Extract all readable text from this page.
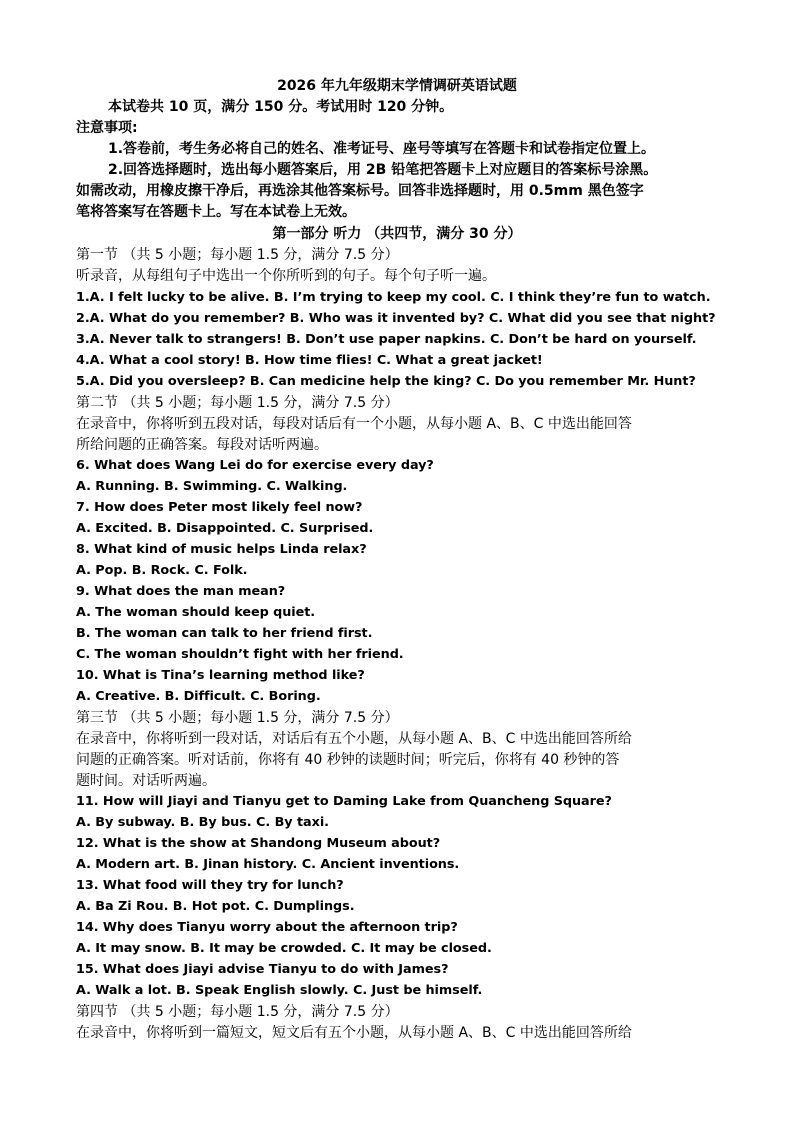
2026 年九年级期末学情调研英语试题
本试卷共 10 页，满分 150 分。考试用时 120 分钟。
注意事项:
1.答卷前，考生务必将自己的姓名、准考证号、座号等填写在答题卡和试卷指定位置上。
2.回答选择题时，选出每小题答案后，用 2B 铅笔把答题卡上对应题目的答案标号涂黑。
如需改动，用橡皮擦干净后，再选涂其他答案标号。回答非选择题时，用 0.5mm 黑色签字
笔将答案写在答题卡上。写在本试卷上无效。
第一部分 听力 （共四节，满分 30 分）
第一节 （共 5 小题；每小题 1.5 分，满分 7.5 分）
听录音，从每组句子中选出一个你所听到的句子。每个句子听一遍。
1.A. I felt lucky to be alive. B. I’m trying to keep my cool. C. I think they’re fun to watch.
2.A. What do you remember? B. Who was it invented by? C. What did you see that night?
3.A. Never talk to strangers! B. Don’t use paper napkins. C. Don’t be hard on yourself.
4.A. What a cool story! B. How time flies! C. What a great jacket!
5.A. Did you oversleep? B. Can medicine help the king? C. Do you remember Mr. Hunt?
第二节 （共 5 小题；每小题 1.5 分，满分 7.5 分）
在录音中，你将听到五段对话，每段对话后有一个小题，从每小题 A、B、C 中选出能回答
所给问题的正确答案。每段对话听两遍。
6. What does Wang Lei do for exercise every day?
A. Running. B. Swimming. C. Walking.
7. How does Peter most likely feel now?
A. Excited. B. Disappointed. C. Surprised.
8. What kind of music helps Linda relax?
A. Pop. B. Rock. C. Folk.
9. What does the man mean?
A. The woman should keep quiet.
B. The woman can talk to her friend first.
C. The woman shouldn’t fight with her friend.
10. What is Tina’s learning method like?
A. Creative. B. Difficult. C. Boring.
第三节 （共 5 小题；每小题 1.5 分，满分 7.5 分）
在录音中，你将听到一段对话，对话后有五个小题，从每小题 A、B、C 中选出能回答所给
问题的正确答案。听对话前，你将有 40 秒钟的读题时间；听完后，你将有 40 秒钟的答
题时间。对话听两遍。
11. How will Jiayi and Tianyu get to Daming Lake from Quancheng Square?
A. By subway. B. By bus. C. By taxi.
12. What is the show at Shandong Museum about?
A. Modern art. B. Jinan history. C. Ancient inventions.
13. What food will they try for lunch?
A. Ba Zi Rou. B. Hot pot. C. Dumplings.
14. Why does Tianyu worry about the afternoon trip?
A. It may snow. B. It may be crowded. C. It may be closed.
15. What does Jiayi advise Tianyu to do with James?
A. Walk a lot. B. Speak English slowly. C. Just be himself.
第四节 （共 5 小题；每小题 1.5 分，满分 7.5 分）
在录音中，你将听到一篇短文，短文后有五个小题，从每小题 A、B、C 中选出能回答所给
